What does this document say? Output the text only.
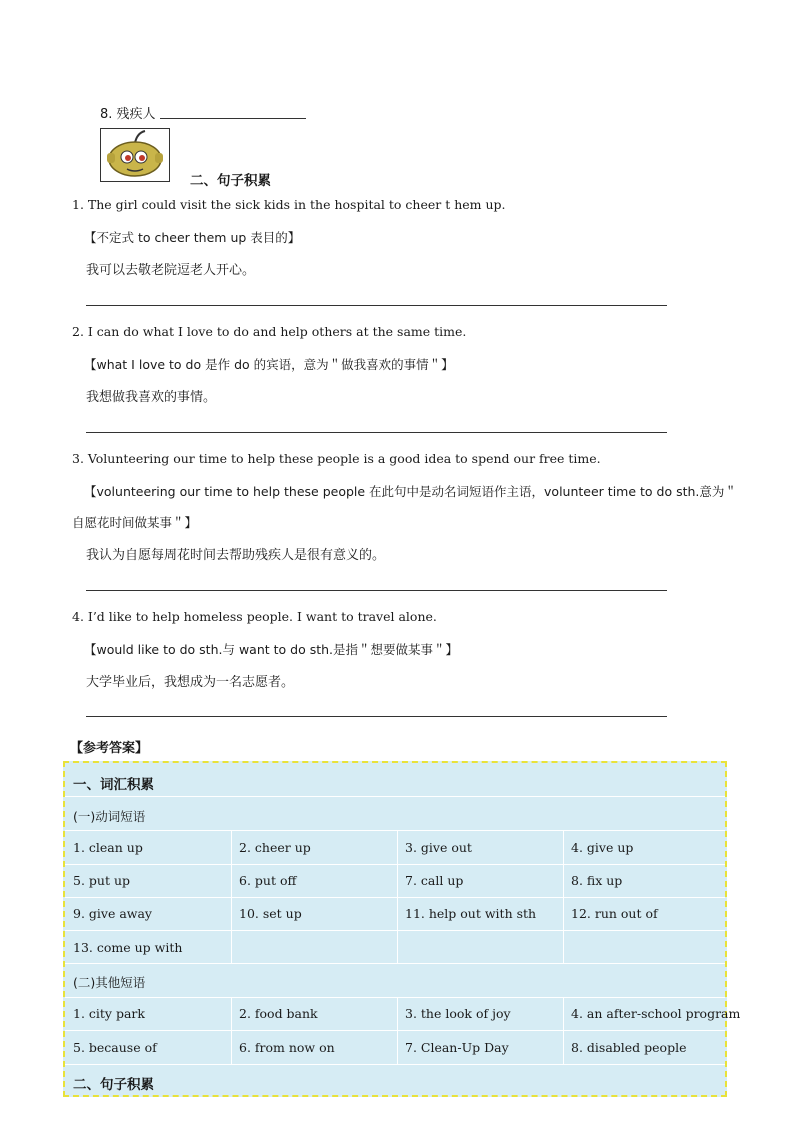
8. 残疾人
二、句子积累
1. The girl could visit the sick kids in the hospital to cheer t hem up.
【不定式 to cheer them up 表目的】
我可以去敬老院逗老人开心。
2. I can do what I love to do and help others at the same time.
【what I love to do 是作 do 的宾语，意为＂做我喜欢的事情＂】
我想做我喜欢的事情。
3. Volunteering our time to help these people is a good idea to spend our free time.
【volunteering our time to help these people 在此句中是动名词短语作主语，volunteer time to do sth.意为＂
自愿花时间做某事＂】
我认为自愿每周花时间去帮助残疾人是很有意义的。
4. I’d like to help homeless people. I want to travel alone.
【would like to do sth.与 want to do sth.是指＂想要做某事＂】
大学毕业后，我想成为一名志愿者。
【参考答案】
一、词汇积累
(一)动词短语
1. clean up	2. cheer up	3. give out	4. give up
5. put up	6. put off	7. call up	8. fix up
9. give away	10. set up	11. help out with sth	12. run out of
13. come up with
(二)其他短语
1. city park	2. food bank	3. the look of joy	4. an after-school program
5. because of	6. from now on	7. Clean-Up Day	8. disabled people
二、句子积累
